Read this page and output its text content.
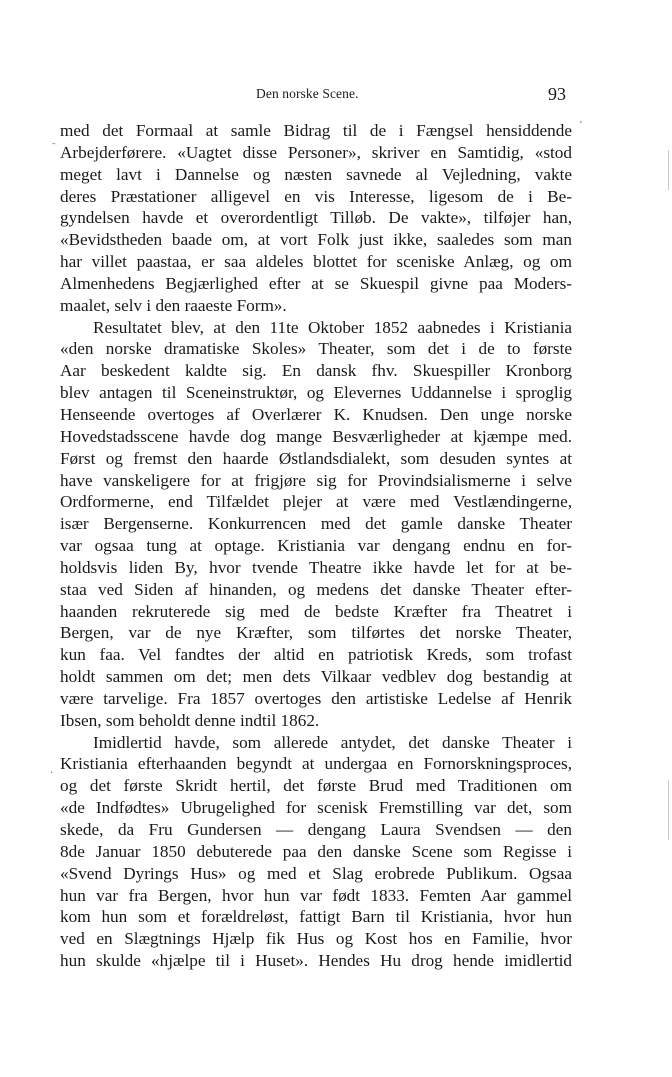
Den norske Scene.	93
med det Formaal at samle Bidrag til de i Fængsel hensiddende
Arbejderførere. «Uagtet disse Personer», skriver en Samtidig, «stod
meget lavt i Dannelse og næsten savnede al Vejledning, vakte
deres Præstationer alligevel en vis Interesse, ligesom de i Be-
gyndelsen havde et overordentligt Tilløb. De vakte», tilføjer han,
«Bevidstheden baade om, at vort Folk just ikke, saaledes som man
har villet paastaa, er saa aldeles blottet for sceniske Anlæg, og om
Almenhedens Begjærlighed efter at se Skuespil givne paa Moders-
maalet, selv i den raaeste Form».
Resultatet blev, at den 11te Oktober 1852 aabnedes i Kristiania
«den norske dramatiske Skoles» Theater, som det i de to første
Aar beskedent kaldte sig. En dansk fhv. Skuespiller Kronborg
blev antagen til Sceneinstruktør, og Elevernes Uddannelse i sproglig
Henseende overtoges af Overlærer K. Knudsen. Den unge norske
Hovedstadsscene havde dog mange Besværligheder at kjæmpe med.
Først og fremst den haarde Østlandsdialekt, som desuden syntes at
have vanskeligere for at frigjøre sig for Provindsialismerne i selve
Ordformerne, end Tilfældet plejer at være med Vestlændingerne,
især Bergenserne. Konkurrencen med det gamle danske Theater
var ogsaa tung at optage. Kristiania var dengang endnu en for-
holdsvis liden By, hvor tvende Theatre ikke havde let for at be-
staa ved Siden af hinanden, og medens det danske Theater efter-
haanden rekruterede sig med de bedste Kræfter fra Theatret i
Bergen, var de nye Kræfter, som tilførtes det norske Theater,
kun faa. Vel fandtes der altid en patriotisk Kreds, som trofast
holdt sammen om det; men dets Vilkaar vedblev dog bestandig at
være tarvelige. Fra 1857 overtoges den artistiske Ledelse af Henrik
Ibsen, som beholdt denne indtil 1862.
Imidlertid havde, som allerede antydet, det danske Theater i
Kristiania efterhaanden begyndt at undergaa en Fornorskningsproces,
og det første Skridt hertil, det første Brud med Traditionen om
«de Indfødtes» Ubrugelighed for scenisk Fremstilling var det, som
skede, da Fru Gundersen — dengang Laura Svendsen — den
8de Januar 1850 debuterede paa den danske Scene som Regisse i
«Svend Dyrings Hus» og med et Slag erobrede Publikum. Ogsaa
hun var fra Bergen, hvor hun var født 1833. Femten Aar gammel
kom hun som et forældreløst, fattigt Barn til Kristiania, hvor hun
ved en Slægtnings Hjælp fik Hus og Kost hos en Familie, hvor
hun skulde «hjælpe til i Huset». Hendes Hu drog hende imidlertid
ˉ
·
'
